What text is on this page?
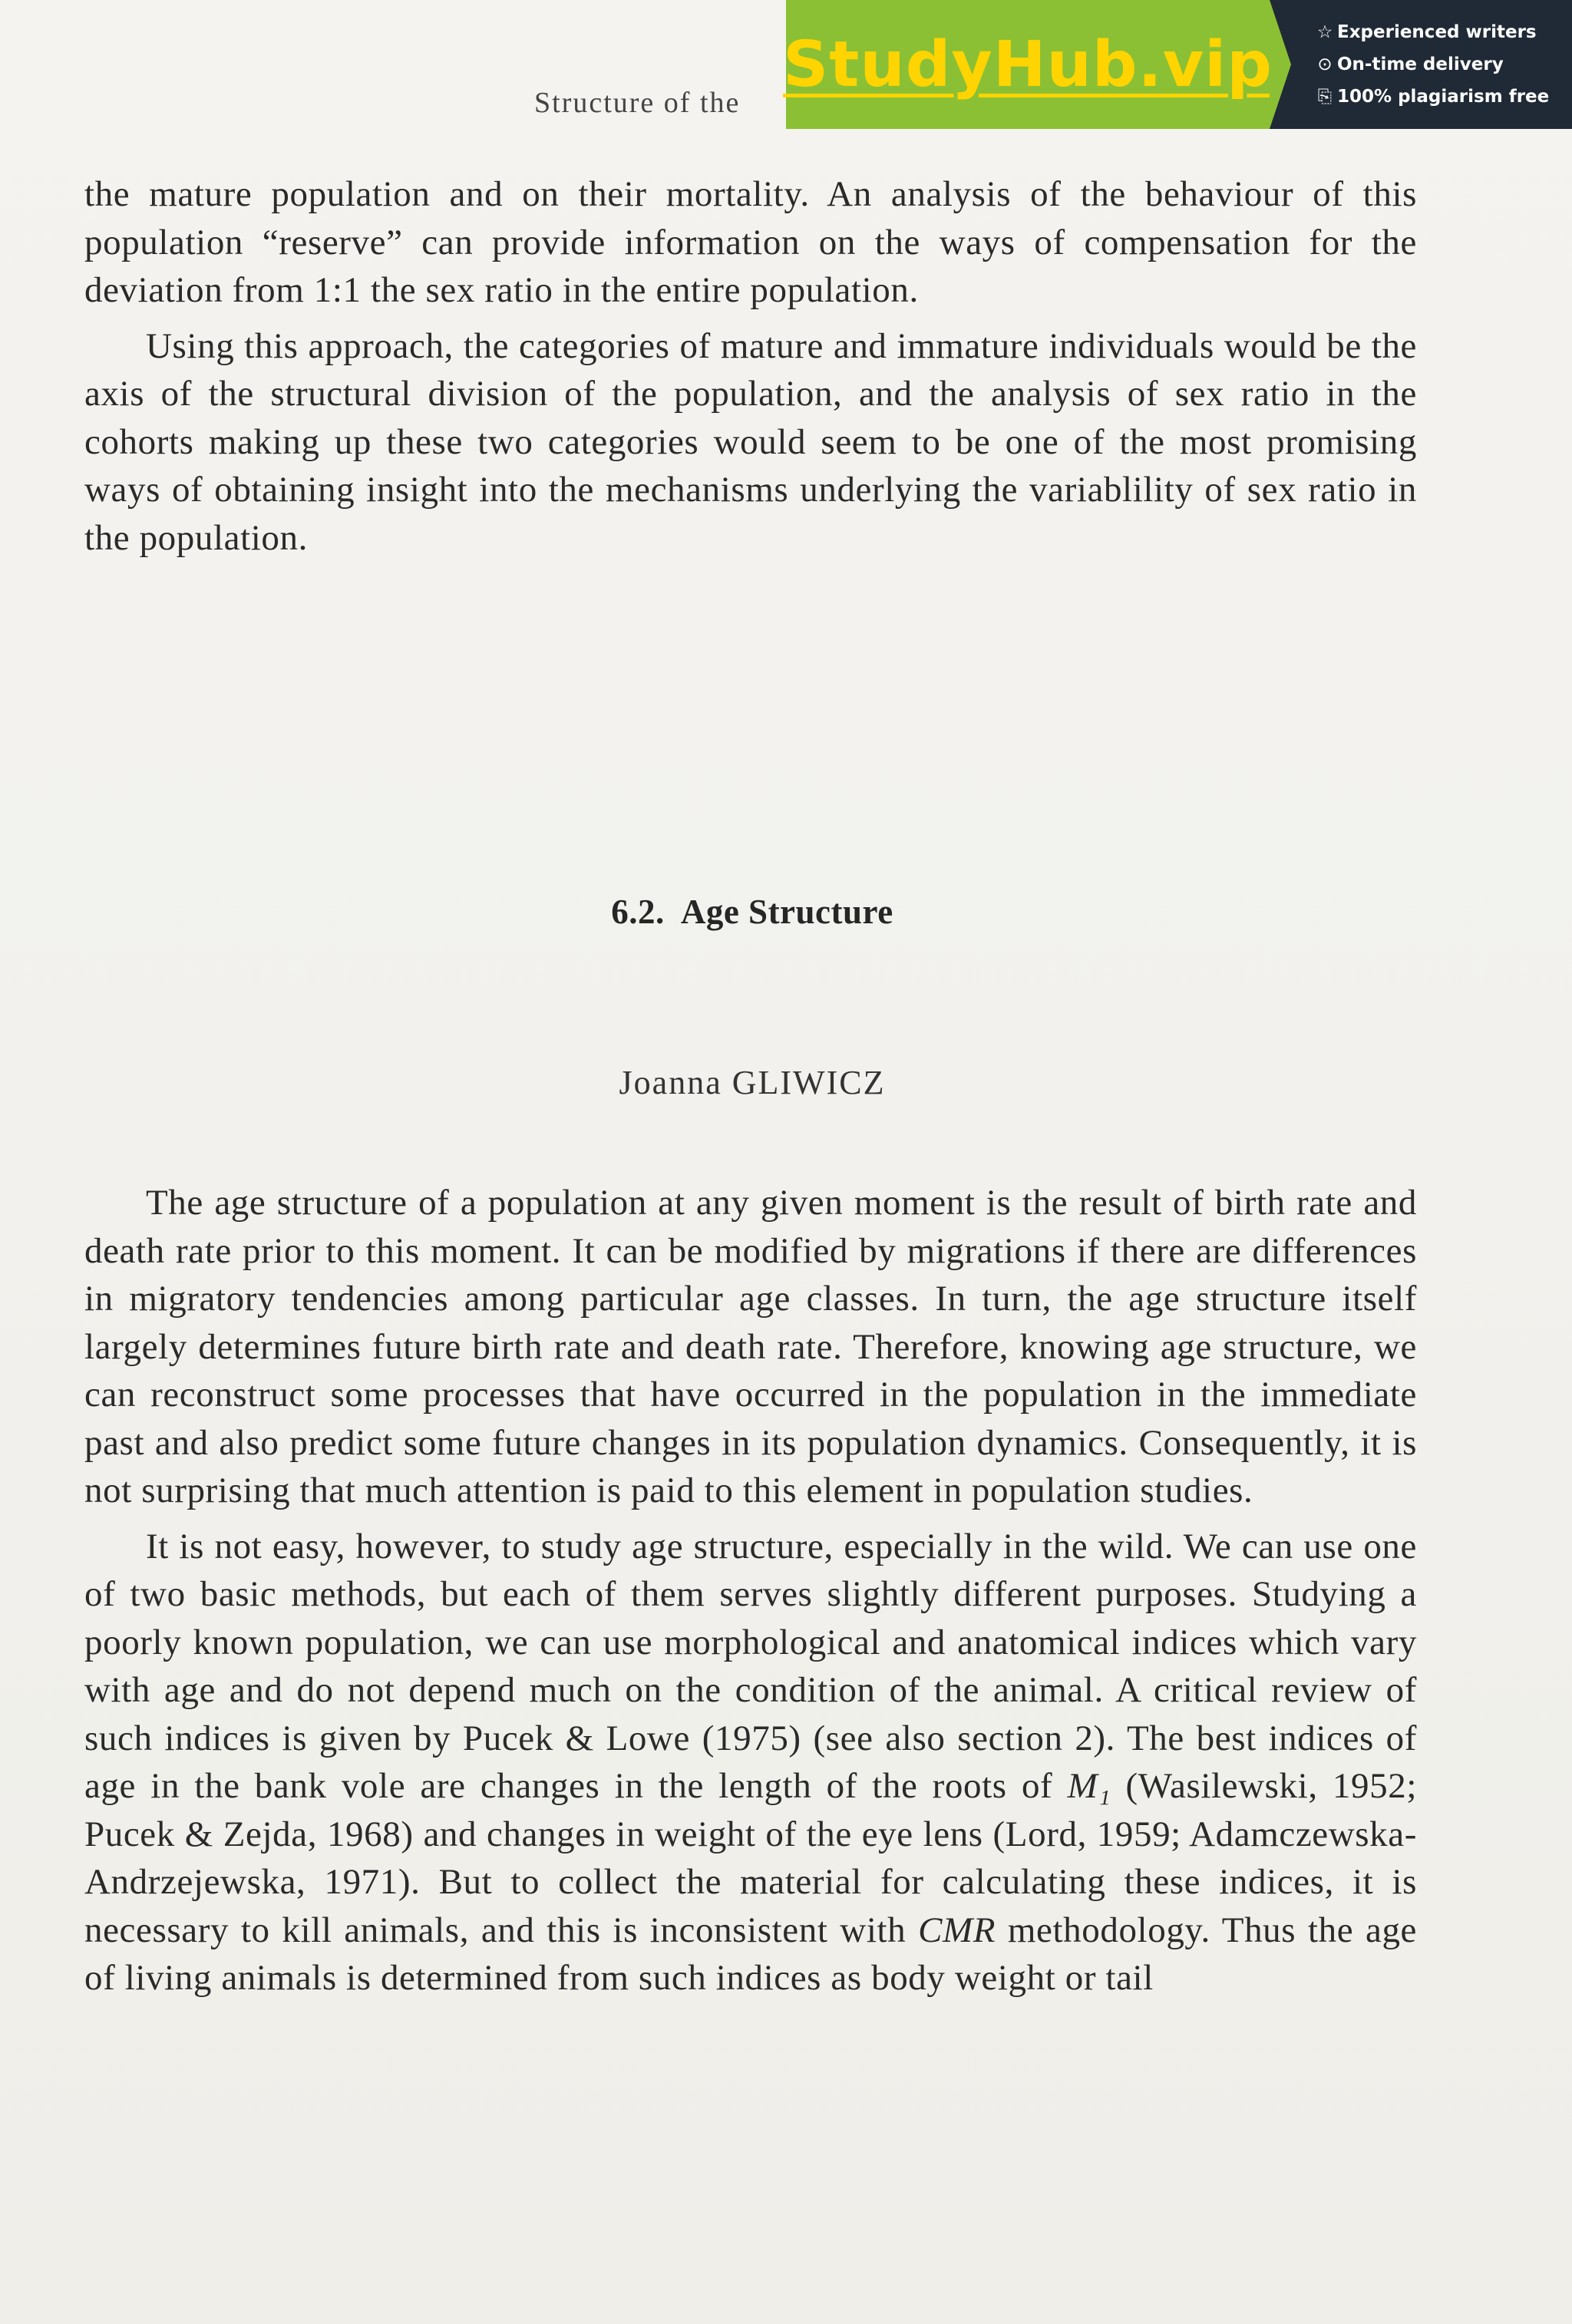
Structure of the
StudyHub.vip	☆ Experienced writers
⊙ On-time delivery
⎘ 100% plagiarism free

the mature population and on their mortality. An analysis of the behaviour of this population “reserve” can provide information on the ways of compensation for the deviation from 1:1 the sex ratio in the entire population.

Using this approach, the categories of mature and immature individuals would be the axis of the structural division of the population, and the analysis of sex ratio in the cohorts making up these two categories would seem to be one of the most promising ways of obtaining insight into the mechanisms underlying the variablility of sex ratio in the population.

6.2. Age Structure
Joanna GLIWICZ

The age structure of a population at any given moment is the result of birth rate and death rate prior to this moment. It can be modified by migrations if there are differences in migratory tendencies among particular age classes. In turn, the age structure itself largely determines future birth rate and death rate. Therefore, knowing age structure, we can reconstruct some processes that have occurred in the population in the immediate past and also predict some future changes in its population dynamics. Consequently, it is not surprising that much attention is paid to this element in population studies.

It is not easy, however, to study age structure, especially in the wild. We can use one of two basic methods, but each of them serves slightly different purposes. Studying a poorly known population, we can use morphological and anatomical indices which vary with age and do not depend much on the condition of the animal. A critical review of such indices is given by Pucek & Lowe (1975) (see also section 2). The best indices of age in the bank vole are changes in the length of the roots of M₁ (Wasilewski, 1952; Pucek & Zejda, 1968) and changes in weight of the eye lens (Lord, 1959; Adamczewska-Andrzejewska, 1971). But to collect the material for calculating these indices, it is necessary to kill animals, and this is inconsistent with CMR methodology. Thus the age of living animals is determined from such indices as body weight or tail
